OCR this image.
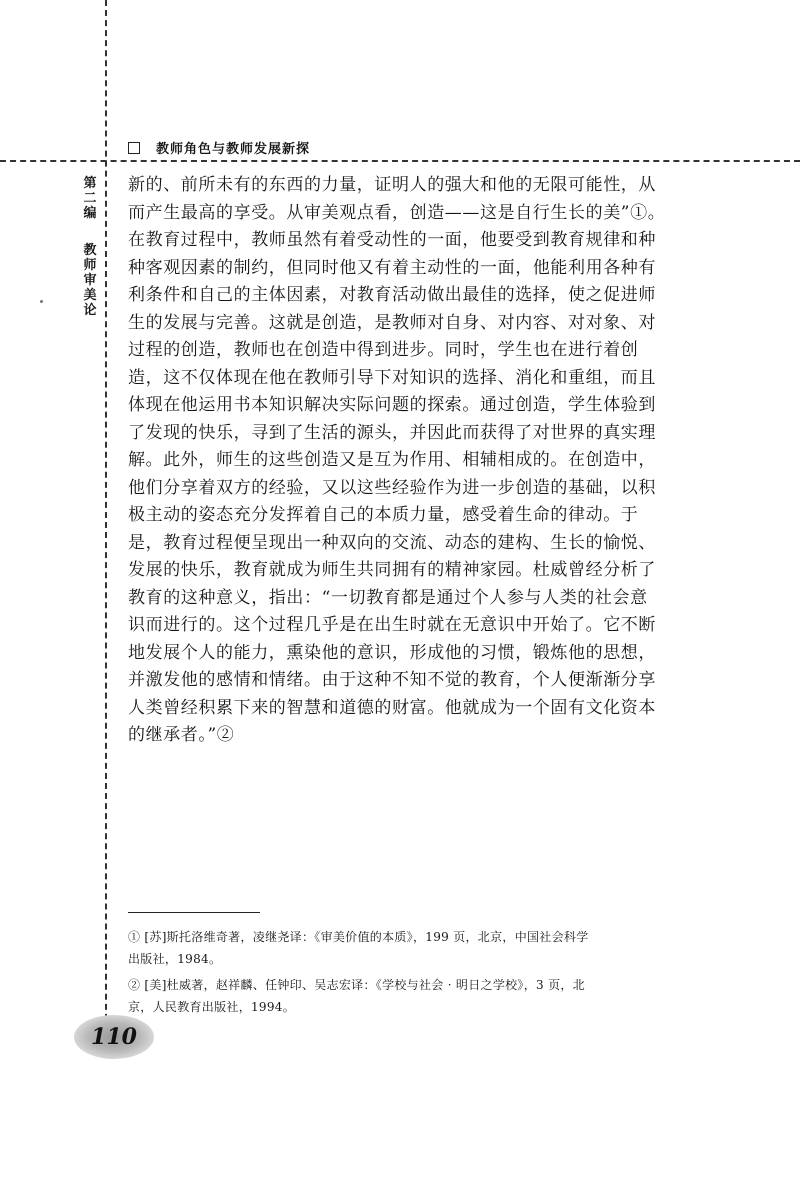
教师角色与教师发展新探
第
二
编
教
师
审
美
论
新的、前所未有的东西的力量，证明人的强大和他的无限可能性，从
而产生最高的享受。从审美观点看，创造——这是自行生长的美”①。
在教育过程中，教师虽然有着受动性的一面，他要受到教育规律和种
种客观因素的制约，但同时他又有着主动性的一面，他能利用各种有
利条件和自己的主体因素，对教育活动做出最佳的选择，使之促进师
生的发展与完善。这就是创造，是教师对自身、对内容、对对象、对
过程的创造，教师也在创造中得到进步。同时，学生也在进行着创
造，这不仅体现在他在教师引导下对知识的选择、消化和重组，而且
体现在他运用书本知识解决实际问题的探索。通过创造，学生体验到
了发现的快乐，寻到了生活的源头，并因此而获得了对世界的真实理
解。此外，师生的这些创造又是互为作用、相辅相成的。在创造中，
他们分享着双方的经验，又以这些经验作为进一步创造的基础，以积
极主动的姿态充分发挥着自己的本质力量，感受着生命的律动。于
是，教育过程便呈现出一种双向的交流、动态的建构、生长的愉悦、
发展的快乐，教育就成为师生共同拥有的精神家园。杜威曾经分析了
教育的这种意义，指出：“一切教育都是通过个人参与人类的社会意
识而进行的。这个过程几乎是在出生时就在无意识中开始了。它不断
地发展个人的能力，熏染他的意识，形成他的习惯，锻炼他的思想，
并激发他的感情和情绪。由于这种不知不觉的教育，个人便渐渐分享
人类曾经积累下来的智慧和道德的财富。他就成为一个固有文化资本
的继承者。”②

① [苏]斯托洛维奇著，凌继尧译：《审美价值的本质》，199 页，北京，中国社会科学
出版社，1984。

② [美]杜威著，赵祥麟、任钟印、吴志宏译：《学校与社会 · 明日之学校》，3 页，北
京，人民教育出版社，1994。

110
